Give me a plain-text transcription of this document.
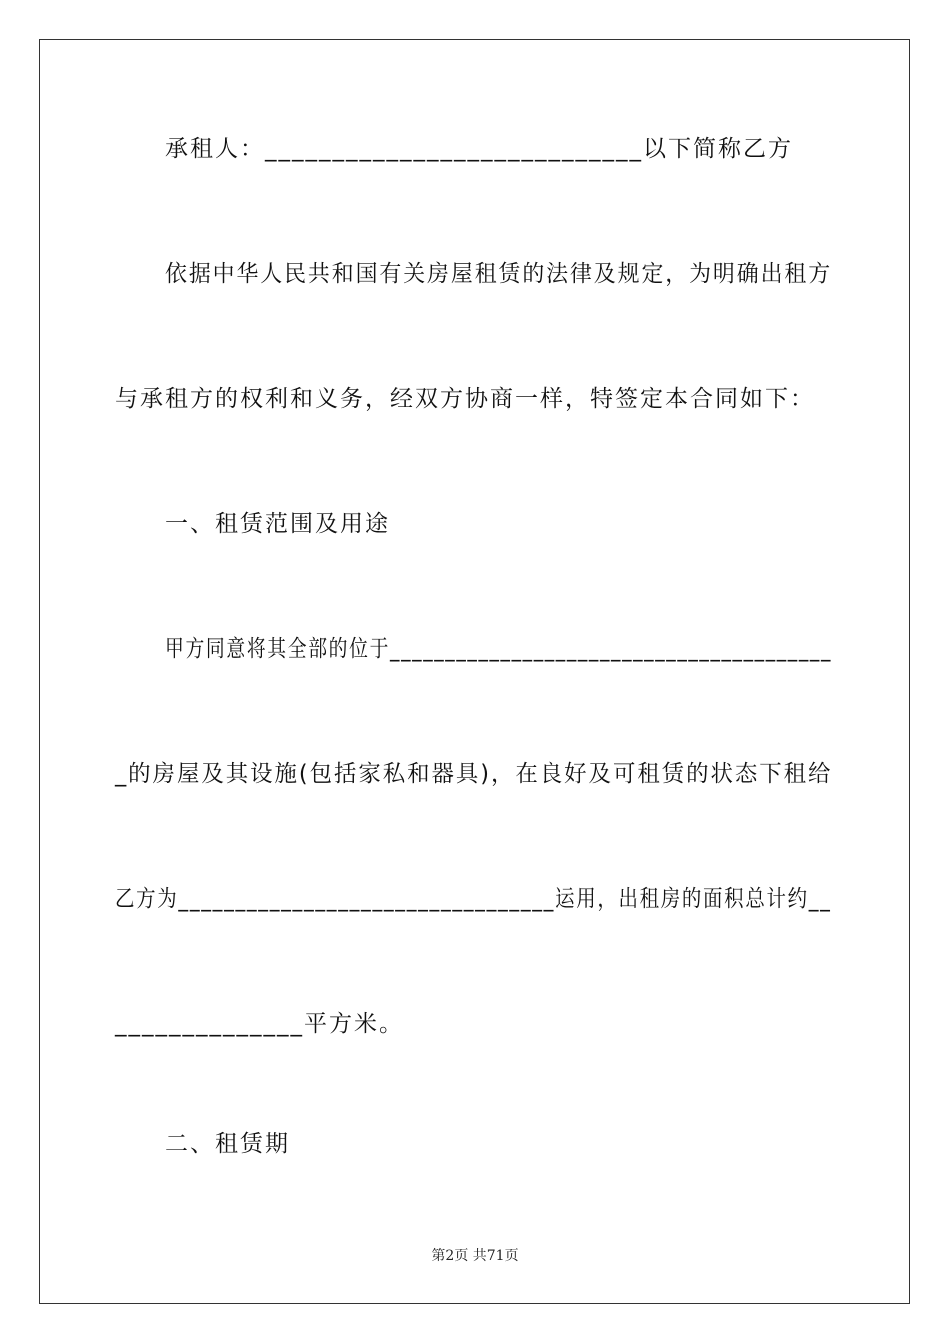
承租人：____________________________以下简称乙方
依据中华人民共和国有关房屋租赁的法律及规定，为明确出租方
与承租方的权利和义务，经双方协商一样，特签定本合同如下：
一、租赁范围及用途
甲方同意将其全部的位于________________________________________
_的房屋及其设施(包括家私和器具)，在良好及可租赁的状态下租给
乙方为_________________________________运用，出租房的面积总计约__
______________平方米。
二、租赁期
第2页 共71页
